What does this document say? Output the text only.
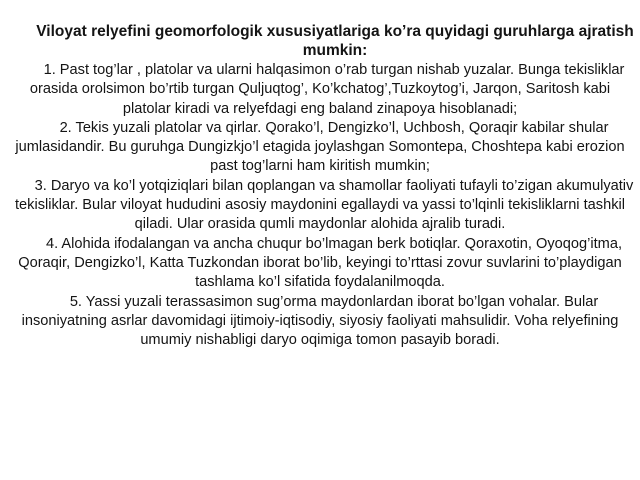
Viloyat relyefini geomorfologik xususiyatlariga ko’ra quyidagi guruhlarga ajratish mumkin:

1. Past tog’lar , platolar va ularni halqasimon o’rab turgan nishab yuzalar. Bunga tekisliklar orasida orolsimon bo’rtib turgan Quljuqtog’, Ko’kchatog’,Tuzkoytog’i, Jarqon, Saritosh kabi platolar kiradi va relyefdagi eng baland zinapoya hisoblanadi;

2. Tekis yuzali platolar va qirlar. Qorako’l, Dengizko’l, Uchbosh, Qoraqir kabilar shular jumlasidandir. Bu guruhga Dungizkjo’l etagida joylashgan Somontepa, Choshtepa kabi erozion past tog’larni ham kiritish mumkin;

3. Daryo va ko’l yotqiziqlari bilan qoplangan va shamollar faoliyati tufayli to’zigan akumulyativ tekisliklar. Bular viloyat hududini asosiy maydonini egallaydi va yassi to’lqinli tekisliklarni tashkil qiladi. Ular orasida qumli maydonlar alohida ajralib turadi.

4. Alohida ifodalangan va ancha chuqur bo’lmagan berk botiqlar. Qoraxotin, Oyoqog’itma, Qoraqir, Dengizko’l, Katta Tuzkondan iborat bo’lib, keyingi to’rttasi zovur suvlarini to’playdigan tashlama ko’l sifatida foydalanilmoqda.

5. Yassi yuzali terassasimon sug’orma maydonlardan iborat bo’lgan vohalar. Bular insoniyatning asrlar davomidagi ijtimoiy-iqtisodiy, siyosiy faoliyati mahsulidir. Voha relyefining umumiy nishabligi daryo oqimiga tomon pasayib boradi.
